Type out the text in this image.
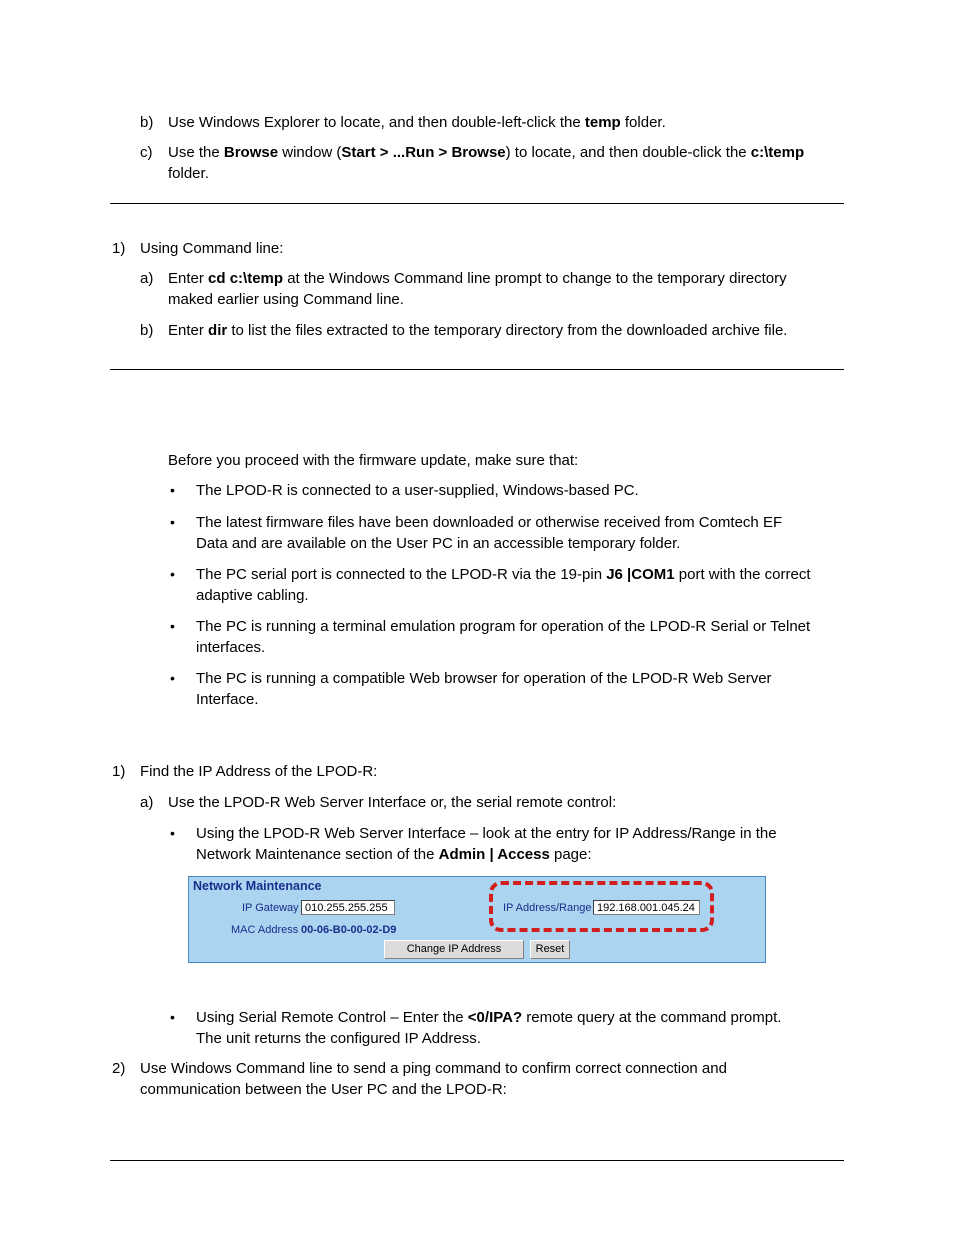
b) Use Windows Explorer to locate, and then double-left-click the temp folder.
c) Use the Browse window (Start > ...Run > Browse) to locate, and then double-click the c:\temp
folder.
1) Using Command line:
a) Enter cd c:\temp at the Windows Command line prompt to change to the temporary directory
maked earlier using Command line.
b) Enter dir to list the files extracted to the temporary directory from the downloaded archive file.
Before you proceed with the firmware update, make sure that:
• The LPOD-R is connected to a user-supplied, Windows-based PC.
• The latest firmware files have been downloaded or otherwise received from Comtech EF
Data and are available on the User PC in an accessible temporary folder.
• The PC serial port is connected to the LPOD-R via the 19-pin J6 |COM1 port with the correct
adaptive cabling.
• The PC is running a terminal emulation program for operation of the LPOD-R Serial or Telnet
interfaces.
• The PC is running a compatible Web browser for operation of the LPOD-R Web Server
Interface.
1) Find the IP Address of the LPOD-R:
a) Use the LPOD-R Web Server Interface or, the serial remote control:
• Using the LPOD-R Web Server Interface – look at the entry for IP Address/Range in the
Network Maintenance section of the Admin | Access page:
Network Maintenance
IP Gateway 010.255.255.255	IP Address/Range 192.168.001.045.24
MAC Address 00-06-B0-00-02-D9
Change IP Address	Reset
• Using Serial Remote Control – Enter the <0/IPA? remote query at the command prompt.
The unit returns the configured IP Address.
2) Use Windows Command line to send a ping command to confirm correct connection and
communication between the User PC and the LPOD-R:
